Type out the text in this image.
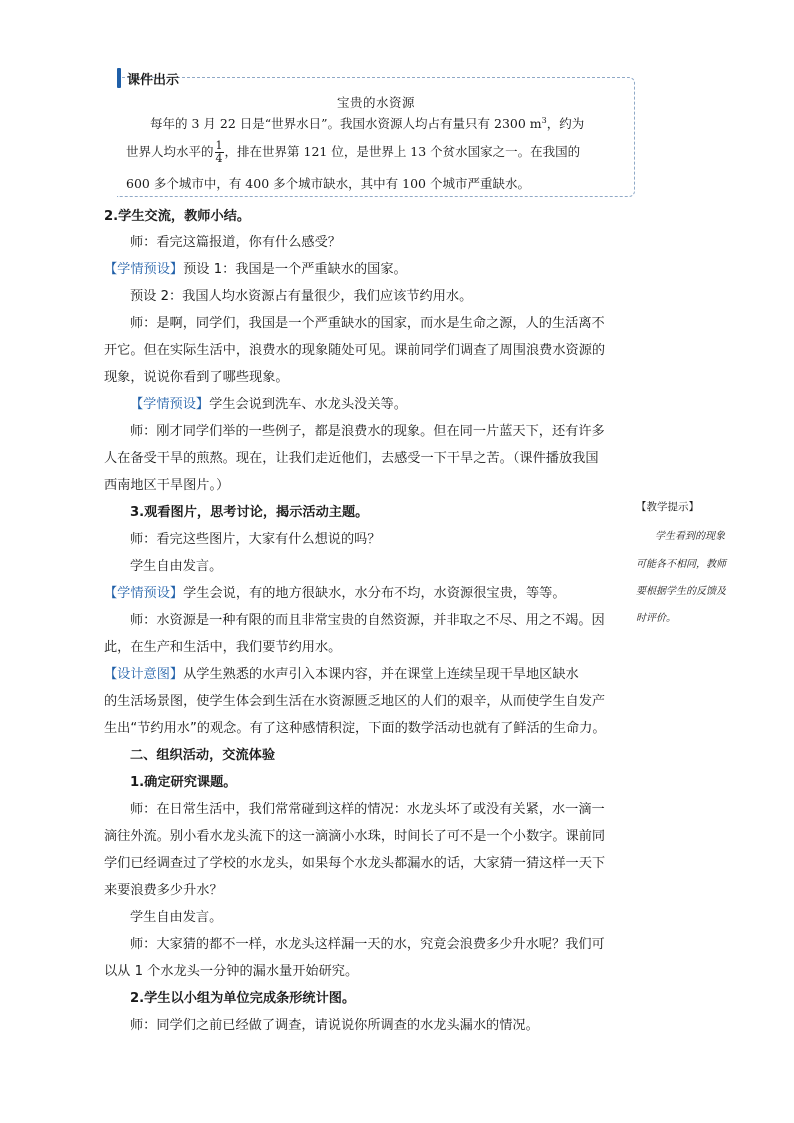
课件出示
宝贵的水资源
每年的 3 月 22 日是“世界水日”。我国水资源人均占有量只有 2300 $m^3$，约为
世界人均水平的 $\frac{1}{4}$ ，排在世界第 121 位，是世界上 13 个贫水国家之一。在我国的
600 多个城市中，有 400 多个城市缺水，其中有 100 个城市严重缺水。
2.学生交流，教师小结。
师：看完这篇报道，你有什么感受？
【学情预设】预设 1：我国是一个严重缺水的国家。
预设 2：我国人均水资源占有量很少，我们应该节约用水。
师：是啊，同学们，我国是一个严重缺水的国家，而水是生命之源，人的生活离不
开它。但在实际生活中，浪费水的现象随处可见。课前同学们调查了周围浪费水资源的
现象，说说你看到了哪些现象。
【学情预设】学生会说到洗车、水龙头没关等。
师：刚才同学们举的一些例子，都是浪费水的现象。但在同一片蓝天下，还有许多
人在备受干旱的煎熬。现在，让我们走近他们，去感受一下干旱之苦。（课件播放我国
西南地区干旱图片。）
3.观看图片，思考讨论，揭示活动主题。
师：看完这些图片，大家有什么想说的吗？
学生自由发言。
【学情预设】学生会说，有的地方很缺水，水分布不均，水资源很宝贵，等等。
师：水资源是一种有限的而且非常宝贵的自然资源，并非取之不尽、用之不竭。因
此，在生产和生活中，我们要节约用水。
【设计意图】从学生熟悉的水声引入本课内容，并在课堂上连续呈现干旱地区缺水
的生活场景图，使学生体会到生活在水资源匮乏地区的人们的艰辛，从而使学生自发产
生出“节约用水”的观念。有了这种感情积淀，下面的数学活动也就有了鲜活的生命力。
二、组织活动，交流体验
1.确定研究课题。
师：在日常生活中，我们常常碰到这样的情况：水龙头坏了或没有关紧，水一滴一
滴往外流。别小看水龙头流下的这一滴滴小水珠，时间长了可不是一个小数字。课前同
学们已经调查过了学校的水龙头，如果每个水龙头都漏水的话，大家猜一猜这样一天下
来要浪费多少升水？
学生自由发言。
师：大家猜的都不一样，水龙头这样漏一天的水，究竟会浪费多少升水呢？我们可
以从 1 个水龙头一分钟的漏水量开始研究。
2.学生以小组为单位完成条形统计图。
师：同学们之前已经做了调查，请说说你所调查的水龙头漏水的情况。
【教学提示】
学生看到的现象
可能各不相同，教师
要根据学生的反馈及
时评价。
